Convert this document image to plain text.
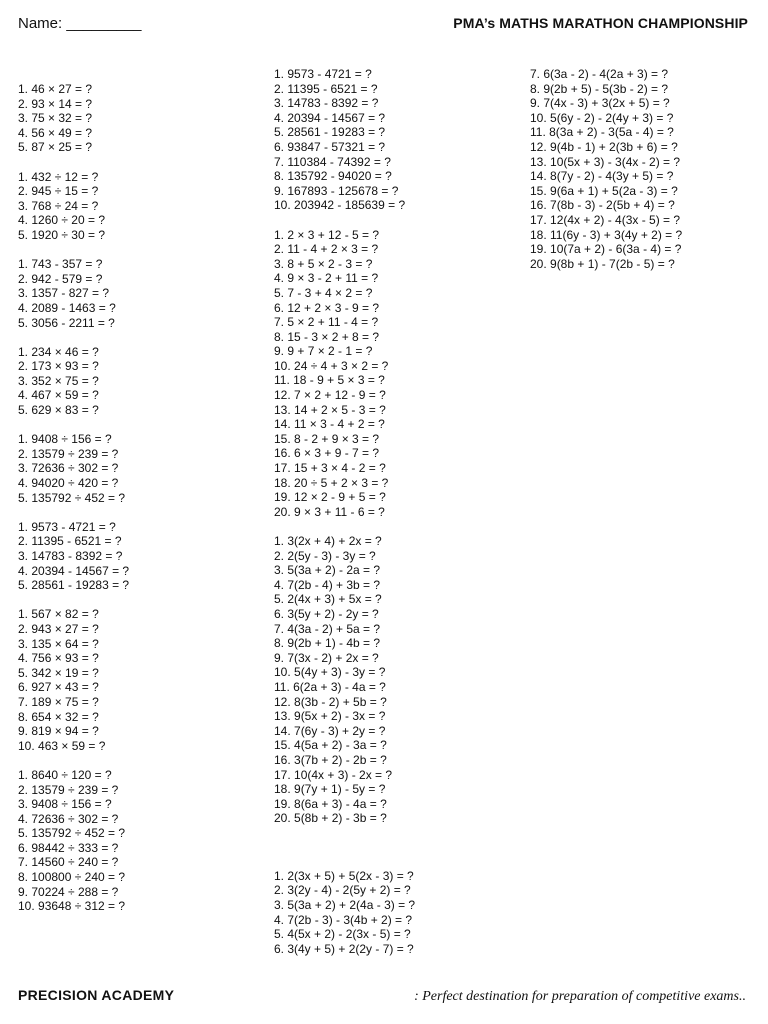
Name: _________	PMA’s MATHS MARATHON CHAMPIONSHIP
1. 46 × 27 = ?
2. 93 × 14 = ?
3. 75 × 32 = ?
4. 56 × 49 = ?
5. 87 × 25 = ?
1. 432 ÷ 12 = ?
2. 945 ÷ 15 = ?
3. 768 ÷ 24 = ?
4. 1260 ÷ 20 = ?
5. 1920 ÷ 30 = ?
1. 743 - 357 = ?
2. 942 - 579 = ?
3. 1357 - 827 = ?
4. 2089 - 1463 = ?
5. 3056 - 2211 = ?
1. 234 × 46 = ?
2. 173 × 93 = ?
3. 352 × 75 = ?
4. 467 × 59 = ?
5. 629 × 83 = ?
1. 9408 ÷ 156 = ?
2. 13579 ÷ 239 = ?
3. 72636 ÷ 302 = ?
4. 94020 ÷ 420 = ?
5. 135792 ÷ 452 = ?
1. 9573 - 4721 = ?
2. 11395 - 6521 = ?
3. 14783 - 8392 = ?
4. 20394 - 14567 = ?
5. 28561 - 19283 = ?
1. 567 × 82 = ?
2. 943 × 27 = ?
3. 135 × 64 = ?
4. 756 × 93 = ?
5. 342 × 19 = ?
6. 927 × 43 = ?
7. 189 × 75 = ?
8. 654 × 32 = ?
9. 819 × 94 = ?
10. 463 × 59 = ?
1. 8640 ÷ 120 = ?
2. 13579 ÷ 239 = ?
3. 9408 ÷ 156 = ?
4. 72636 ÷ 302 = ?
5. 135792 ÷ 452 = ?
6. 98442 ÷ 333 = ?
7. 14560 ÷ 240 = ?
8. 100800 ÷ 240 = ?
9. 70224 ÷ 288 = ?
10. 93648 ÷ 312 = ?
1. 9573 - 4721 = ?
2. 11395 - 6521 = ?
3. 14783 - 8392 = ?
4. 20394 - 14567 = ?
5. 28561 - 19283 = ?
6. 93847 - 57321 = ?
7. 110384 - 74392 = ?
8. 135792 - 94020 = ?
9. 167893 - 125678 = ?
10. 203942 - 185639 = ?
1. 2 × 3 + 12 - 5 = ?
2. 11 - 4 + 2 × 3 = ?
3. 8 + 5 × 2 - 3 = ?
4. 9 × 3 - 2 + 11 = ?
5. 7 - 3 + 4 × 2 = ?
6. 12 + 2 × 3 - 9 = ?
7. 5 × 2 + 11 - 4 = ?
8. 15 - 3 × 2 + 8 = ?
9. 9 + 7 × 2 - 1 = ?
10. 24 ÷ 4 + 3 × 2 = ?
11. 18 - 9 + 5 × 3 = ?
12. 7 × 2 + 12 - 9 = ?
13. 14 + 2 × 5 - 3 = ?
14. 11 × 3 - 4 + 2 = ?
15. 8 - 2 + 9 × 3 = ?
16. 6 × 3 + 9 - 7 = ?
17. 15 + 3 × 4 - 2 = ?
18. 20 ÷ 5 + 2 × 3 = ?
19. 12 × 2 - 9 + 5 = ?
20. 9 × 3 + 11 - 6 = ?
1. 3(2x + 4) + 2x = ?
2. 2(5y - 3) - 3y = ?
3. 5(3a + 2) - 2a = ?
4. 7(2b - 4) + 3b = ?
5. 2(4x + 3) + 5x = ?
6. 3(5y + 2) - 2y = ?
7. 4(3a - 2) + 5a = ?
8. 9(2b + 1) - 4b = ?
9. 7(3x - 2) + 2x = ?
10. 5(4y + 3) - 3y = ?
11. 6(2a + 3) - 4a = ?
12. 8(3b - 2) + 5b = ?
13. 9(5x + 2) - 3x = ?
14. 7(6y - 3) + 2y = ?
15. 4(5a + 2) - 3a = ?
16. 3(7b + 2) - 2b = ?
17. 10(4x + 3) - 2x = ?
18. 9(7y + 1) - 5y = ?
19. 8(6a + 3) - 4a = ?
20. 5(8b + 2) - 3b = ?
1. 2(3x + 5) + 5(2x - 3) = ?
2. 3(2y - 4) - 2(5y + 2) = ?
3. 5(3a + 2) + 2(4a - 3) = ?
4. 7(2b - 3) - 3(4b + 2) = ?
5. 4(5x + 2) - 2(3x - 5) = ?
6. 3(4y + 5) + 2(2y - 7) = ?
7. 6(3a - 2) - 4(2a + 3) = ?
8. 9(2b + 5) - 5(3b - 2) = ?
9. 7(4x - 3) + 3(2x + 5) = ?
10. 5(6y - 2) - 2(4y + 3) = ?
11. 8(3a + 2) - 3(5a - 4) = ?
12. 9(4b - 1) + 2(3b + 6) = ?
13. 10(5x + 3) - 3(4x - 2) = ?
14. 8(7y - 2) - 4(3y + 5) = ?
15. 9(6a + 1) + 5(2a - 3) = ?
16. 7(8b - 3) - 2(5b + 4) = ?
17. 12(4x + 2) - 4(3x - 5) = ?
18. 11(6y - 3) + 3(4y + 2) = ?
19. 10(7a + 2) - 6(3a - 4) = ?
20. 9(8b + 1) - 7(2b - 5) = ?
PRECISION ACADEMY	: Perfect destination for preparation of competitive exams..
